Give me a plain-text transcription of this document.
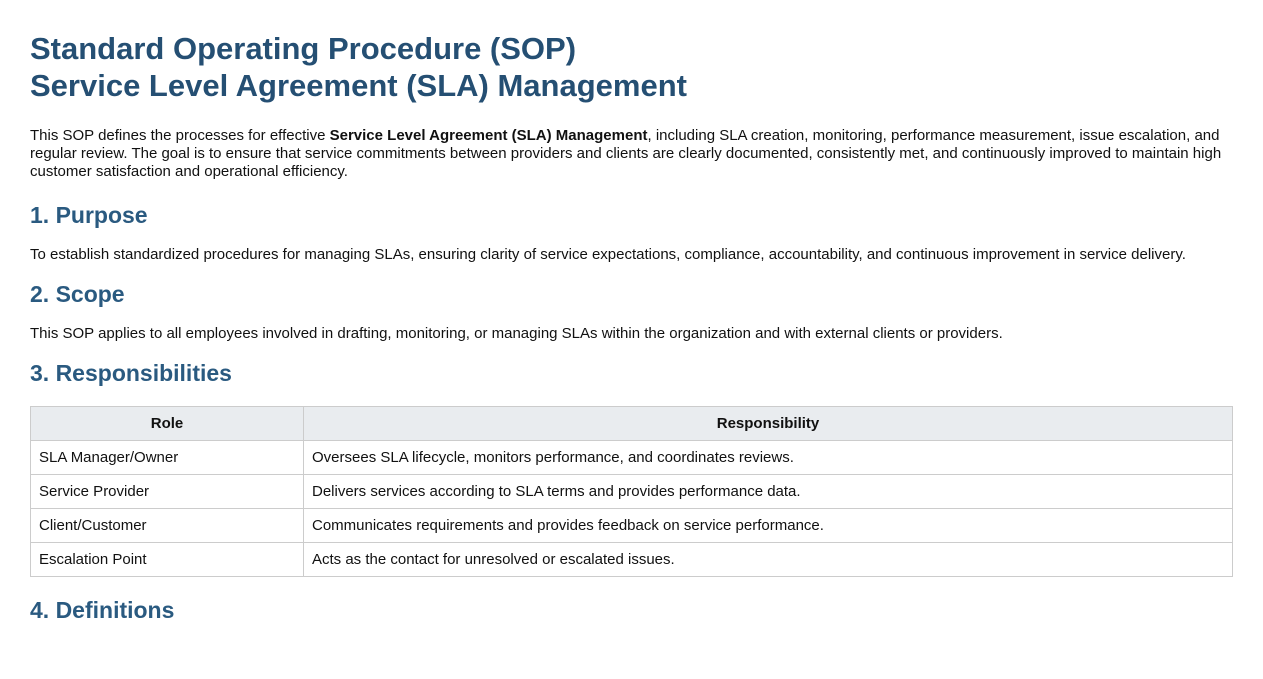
Standard Operating Procedure (SOP)
Service Level Agreement (SLA) Management

This SOP defines the processes for effective Service Level Agreement (SLA) Management, including SLA creation, monitoring, performance measurement, issue escalation, and regular review. The goal is to ensure that service commitments between providers and clients are clearly documented, consistently met, and continuously improved to maintain high customer satisfaction and operational efficiency.

1. Purpose

To establish standardized procedures for managing SLAs, ensuring clarity of service expectations, compliance, accountability, and continuous improvement in service delivery.

2. Scope

This SOP applies to all employees involved in drafting, monitoring, or managing SLAs within the organization and with external clients or providers.

3. Responsibilities
Role	Responsibility
SLA Manager/Owner	Oversees SLA lifecycle, monitors performance, and coordinates reviews.
Service Provider	Delivers services according to SLA terms and provides performance data.
Client/Customer	Communicates requirements and provides feedback on service performance.
Escalation Point	Acts as the contact for unresolved or escalated issues.
4. Definitions
